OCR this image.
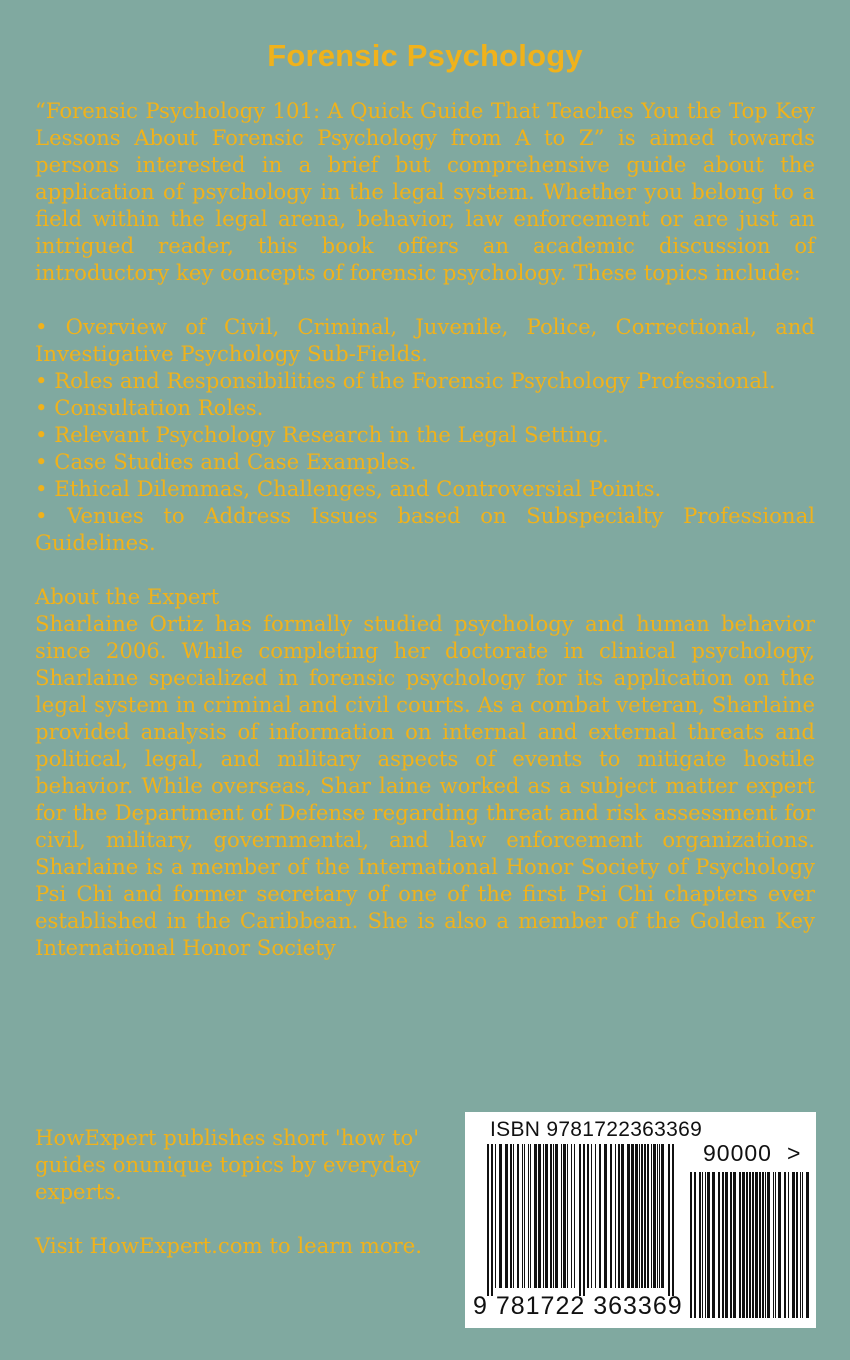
Forensic Psychology

“Forensic Psychology 101: A Quick Guide That Teaches You the Top Key Lessons About Forensic Psychology from A to Z” is aimed towards persons interested in a brief but comprehensive guide about the application of psychology in the legal system. Whether you belong to a field within the legal arena, behavior, law enforcement or are just an intrigued reader, this book offers an academic discussion of introductory key concepts of forensic psychology. These topics include:

• Overview of Civil, Criminal, Juvenile, Police, Correctional, and Investigative Psychology Sub-Fields.

• Roles and Responsibilities of the Forensic Psychology Professional.

• Consultation Roles.

• Relevant Psychology Research in the Legal Setting.

• Case Studies and Case Examples.

• Ethical Dilemmas, Challenges, and Controversial Points.

• Venues to Address Issues based on Subspecialty Professional Guidelines.

About the Expert

Sharlaine Ortiz has formally studied psychology and human behavior since 2006. While completing her doctorate in clinical psychology, Sharlaine specialized in forensic psychology for its application on the legal system in criminal and civil courts. As a combat veteran, Sharlaine provided analysis of information on internal and external threats and political, legal, and military aspects of events to mitigate hostile behavior. While overseas, Shar laine worked as a subject matter expert for the Department of Defense regarding threat and risk assessment for civil, military, governmental, and law enforcement organizations. Sharlaine is a member of the International Honor Society of Psychology Psi Chi and former secretary of one of the first Psi Chi chapters ever established in the Caribbean. She is also a member of the Golden Key International Honor Society

HowExpert publishes short 'how to' guides onunique topics by everyday experts.

Visit HowExpert.com to learn more.

ISBN 9781722363369
90000 >
9 781722 363369
